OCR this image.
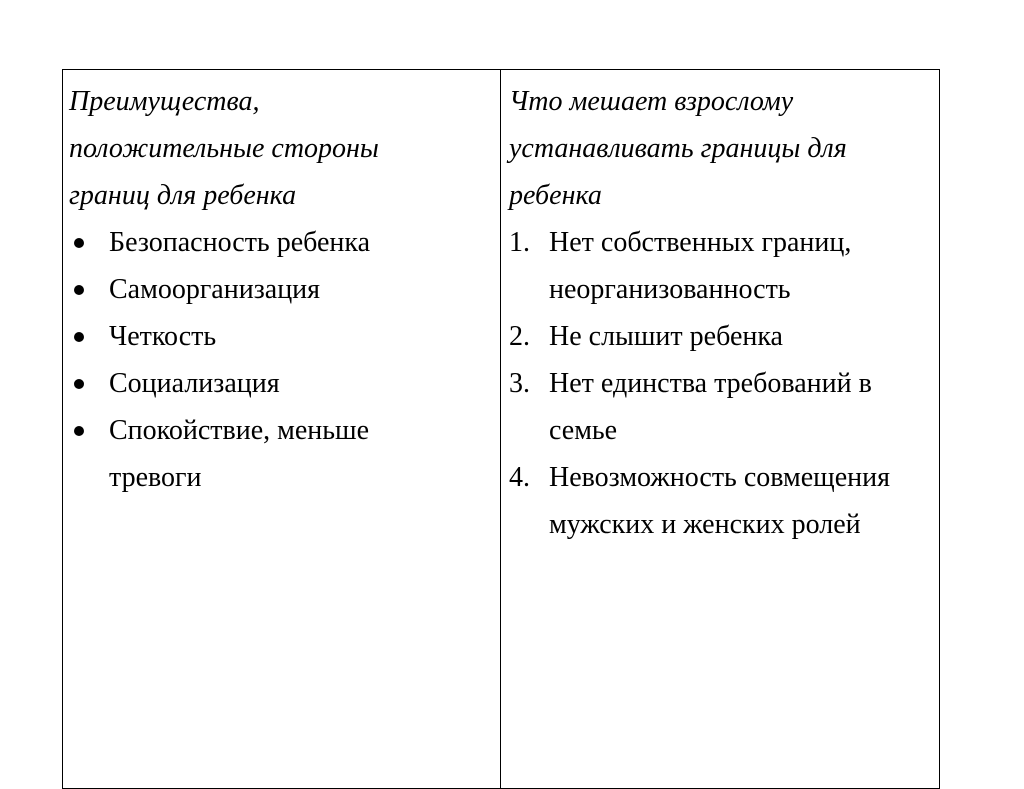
Преимущества,
положительные стороны
границ для ребенка
Безопасность ребенка
Самоорганизация
Четкость
Социализация
Спокойствие, меньше тревоги
Что мешает взрослому
устанавливать границы для
ребенка
1. Нет собственных границ, неорганизованность
2. Не слышит ребенка
3. Нет единства требований в семье
4. Невозможность совмещения мужских и женских ролей
